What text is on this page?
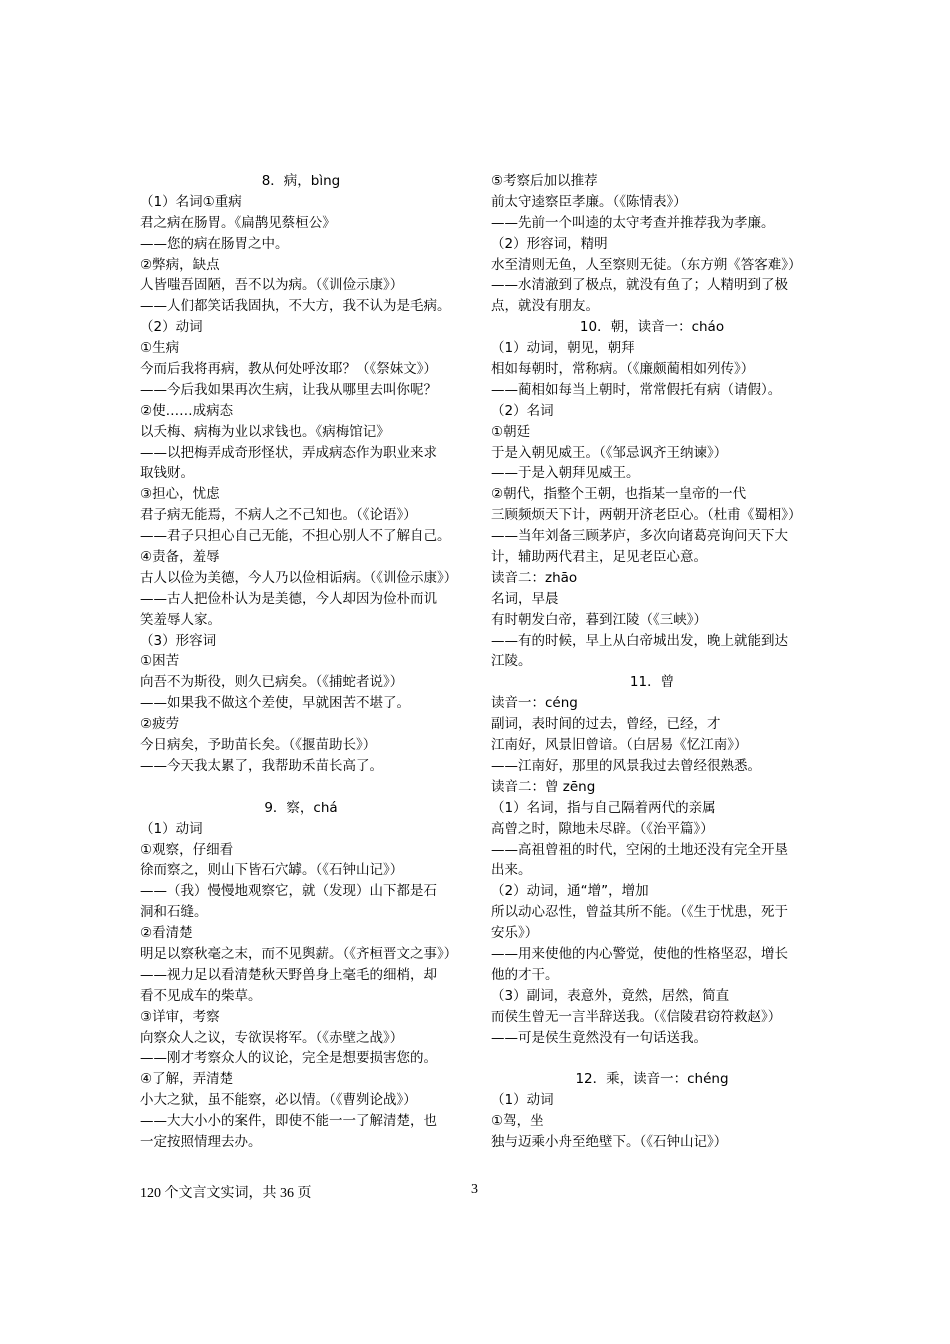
8．病，bìng
（1）名词①重病
君之病在肠胃。《扁鹊见蔡桓公》
——您的病在肠胃之中。
②弊病，缺点
人皆嗤吾固陋，吾不以为病。（《训俭示康》）
——人们都笑话我固执，不大方，我不认为是毛病。
（2）动词
①生病
今而后我将再病，教从何处呼汝耶？（《祭妹文》）
——今后我如果再次生病，让我从哪里去叫你呢？
②使……成病态
以夭梅、病梅为业以求钱也。《病梅馆记》
——以把梅弄成奇形怪状，弄成病态作为职业来求
取钱财。
③担心，忧虑
君子病无能焉，不病人之不己知也。（《论语》）
——君子只担心自己无能，不担心别人不了解自己。
④责备，羞辱
古人以俭为美德，今人乃以俭相诟病。（《训俭示康》）
——古人把俭朴认为是美德，今人却因为俭朴而讥
笑羞辱人家。
（3）形容词
①困苦
向吾不为斯役，则久已病矣。（《捕蛇者说》）
——如果我不做这个差使，早就困苦不堪了。
②疲劳
今日病矣，予助苗长矣。（《揠苗助长》）
——今天我太累了，我帮助禾苗长高了。
9．察，chá
（1）动词
①观察，仔细看
徐而察之，则山下皆石穴罅。（《石钟山记》）
——（我）慢慢地观察它，就（发现）山下都是石
洞和石缝。
②看清楚
明足以察秋毫之末，而不见舆薪。（《齐桓晋文之事》）
——视力足以看清楚秋天野兽身上毫毛的细梢，却
看不见成车的柴草。
③详审，考察
向察众人之议，专欲误将军。（《赤壁之战》）
——刚才考察众人的议论，完全是想要损害您的。
④了解，弄清楚
小大之狱，虽不能察，必以情。（《曹刿论战》）
——大大小小的案件，即使不能一一了解清楚，也
一定按照情理去办。
⑤考察后加以推荐
前太守逵察臣孝廉。（《陈情表》）
——先前一个叫逵的太守考查并推荐我为孝廉。
（2）形容词，精明
水至清则无鱼，人至察则无徒。（东方朔《答客难》）
——水清澈到了极点，就没有鱼了；人精明到了极
点，就没有朋友。
10．朝，读音一：cháo
（1）动词，朝见，朝拜
相如每朝时，常称病。（《廉颇蔺相如列传》）
——蔺相如每当上朝时，常常假托有病（请假）。
（2）名词
①朝廷
于是入朝见威王。（《邹忌讽齐王纳谏》）
——于是入朝拜见威王。
②朝代，指整个王朝，也指某一皇帝的一代
三顾频烦天下计，两朝开济老臣心。（杜甫《蜀相》）
——当年刘备三顾茅庐，多次向诸葛亮询问天下大
计，辅助两代君主，足见老臣心意。
读音二：zhāo
名词，早晨
有时朝发白帝，暮到江陵（《三峡》）
——有的时候，早上从白帝城出发，晚上就能到达
江陵。
11．曾
读音一：céng
副词，表时间的过去，曾经，已经，才
江南好，风景旧曾谙。（白居易《忆江南》）
——江南好，那里的风景我过去曾经很熟悉。
读音二：曾 zēng
（1）名词，指与自己隔着两代的亲属
高曾之时，隙地未尽辟。（《治平篇》）
——高祖曾祖的时代，空闲的土地还没有完全开垦
出来。
（2）动词，通“增”，增加
所以动心忍性，曾益其所不能。（《生于忧患，死于
安乐》）
——用来使他的内心警觉，使他的性格坚忍，增长
他的才干。
（3）副词，表意外，竟然，居然，简直
而侯生曾无一言半辞送我。（《信陵君窃符救赵》）
——可是侯生竟然没有一句话送我。
12．乘，读音一：chéng
（1）动词
①驾，坐
独与迈乘小舟至绝壁下。（《石钟山记》）
120 个文言文实词，共 36 页	3
